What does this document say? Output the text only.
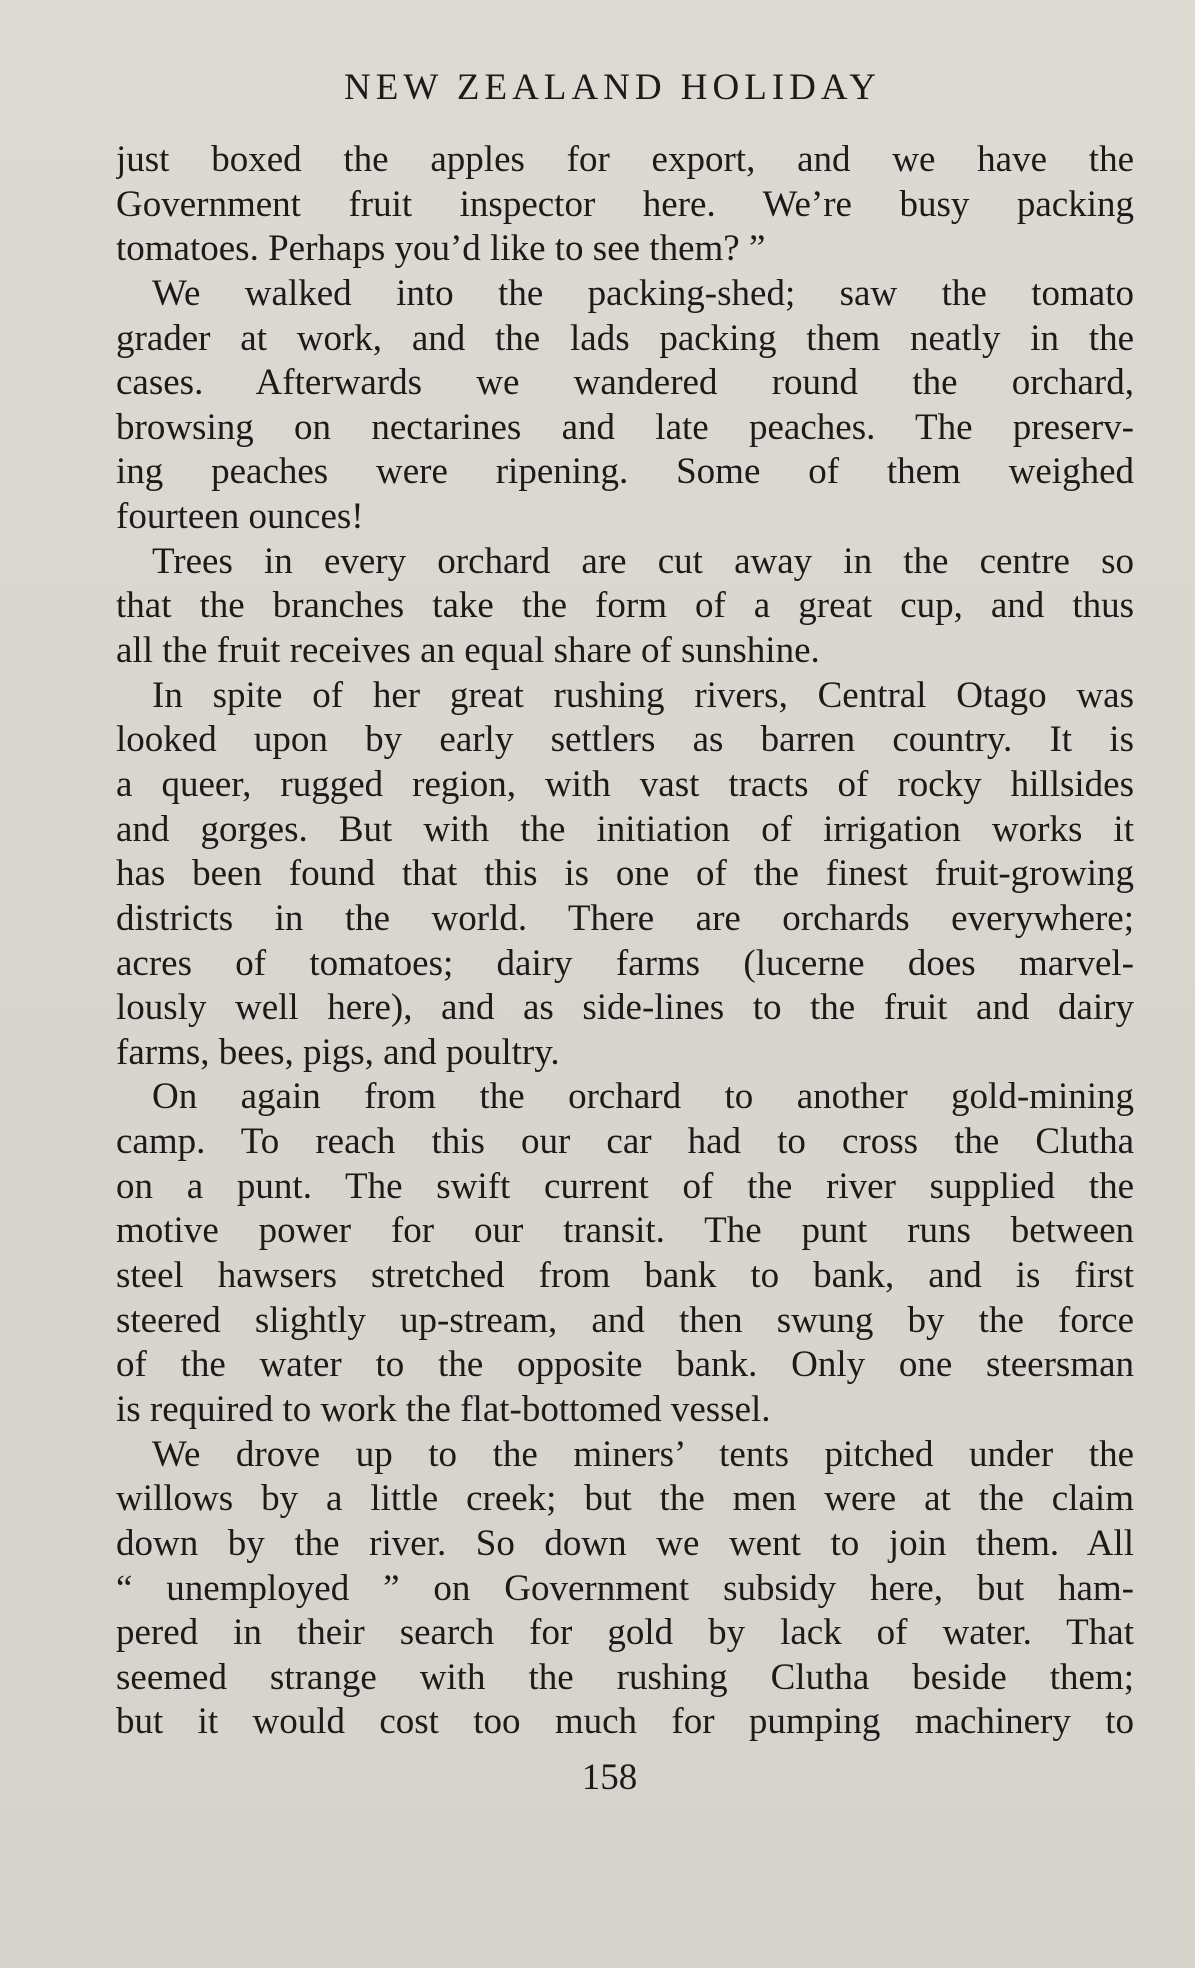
NEW ZEALAND HOLIDAY
just boxed the apples for export, and we have the
Government fruit inspector here. We’re busy packing
tomatoes. Perhaps you’d like to see them? ”
We walked into the packing-shed; saw the tomato
grader at work, and the lads packing them neatly in the
cases. Afterwards we wandered round the orchard,
browsing on nectarines and late peaches. The preserv-
ing peaches were ripening. Some of them weighed
fourteen ounces!
Trees in every orchard are cut away in the centre so
that the branches take the form of a great cup, and thus
all the fruit receives an equal share of sunshine.
In spite of her great rushing rivers, Central Otago was
looked upon by early settlers as barren country. It is
a queer, rugged region, with vast tracts of rocky hillsides
and gorges. But with the initiation of irrigation works it
has been found that this is one of the finest fruit-growing
districts in the world. There are orchards everywhere;
acres of tomatoes; dairy farms (lucerne does marvel-
lously well here), and as side-lines to the fruit and dairy
farms, bees, pigs, and poultry.
On again from the orchard to another gold-mining
camp. To reach this our car had to cross the Clutha
on a punt. The swift current of the river supplied the
motive power for our transit. The punt runs between
steel hawsers stretched from bank to bank, and is first
steered slightly up-stream, and then swung by the force
of the water to the opposite bank. Only one steersman
is required to work the flat-bottomed vessel.
We drove up to the miners’ tents pitched under the
willows by a little creek; but the men were at the claim
down by the river. So down we went to join them. All
“ unemployed ” on Government subsidy here, but ham-
pered in their search for gold by lack of water. That
seemed strange with the rushing Clutha beside them;
but it would cost too much for pumping machinery to
158
